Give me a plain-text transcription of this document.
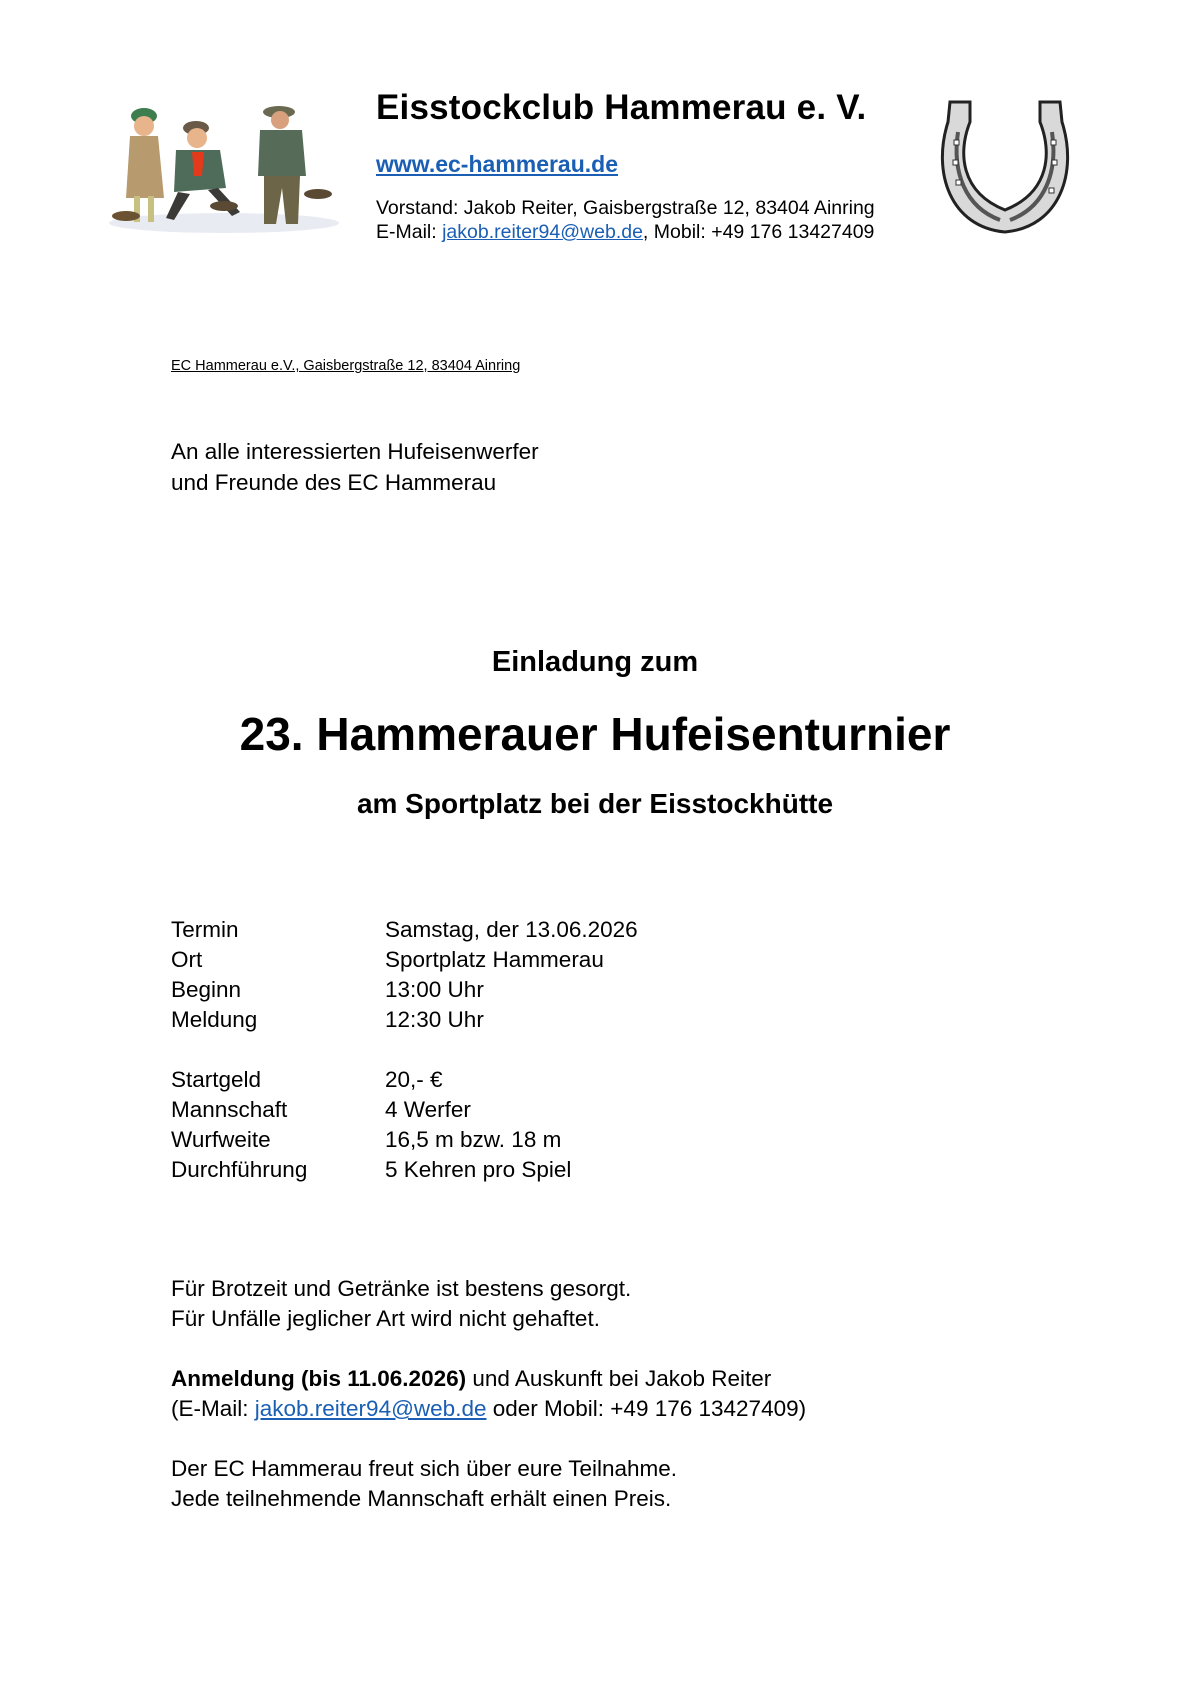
Eisstockclub Hammerau e. V.
www.ec-hammerau.de
Vorstand: Jakob Reiter, Gaisbergstraße 12, 83404 Ainring
E-Mail: jakob.reiter94@web.de, Mobil: +49 176 13427409
EC Hammerau e.V., Gaisbergstraße 12, 83404 Ainring
An alle interessierten Hufeisenwerfer
und Freunde des EC Hammerau
Einladung zum
23. Hammerauer Hufeisenturnier
am Sportplatz bei der Eisstockhütte
Termin	Samstag, der 13.06.2026
Ort	Sportplatz Hammerau
Beginn	13:00 Uhr
Meldung	12:30 Uhr
Startgeld	20,- €
Mannschaft	4 Werfer
Wurfweite	16,5 m bzw. 18 m
Durchführung	5 Kehren pro Spiel
Für Brotzeit und Getränke ist bestens gesorgt.
Für Unfälle jeglicher Art wird nicht gehaftet.
Anmeldung (bis 11.06.2026) und Auskunft bei Jakob Reiter
(E-Mail: jakob.reiter94@web.de oder Mobil: +49 176 13427409)
Der EC Hammerau freut sich über eure Teilnahme.
Jede teilnehmende Mannschaft erhält einen Preis.
